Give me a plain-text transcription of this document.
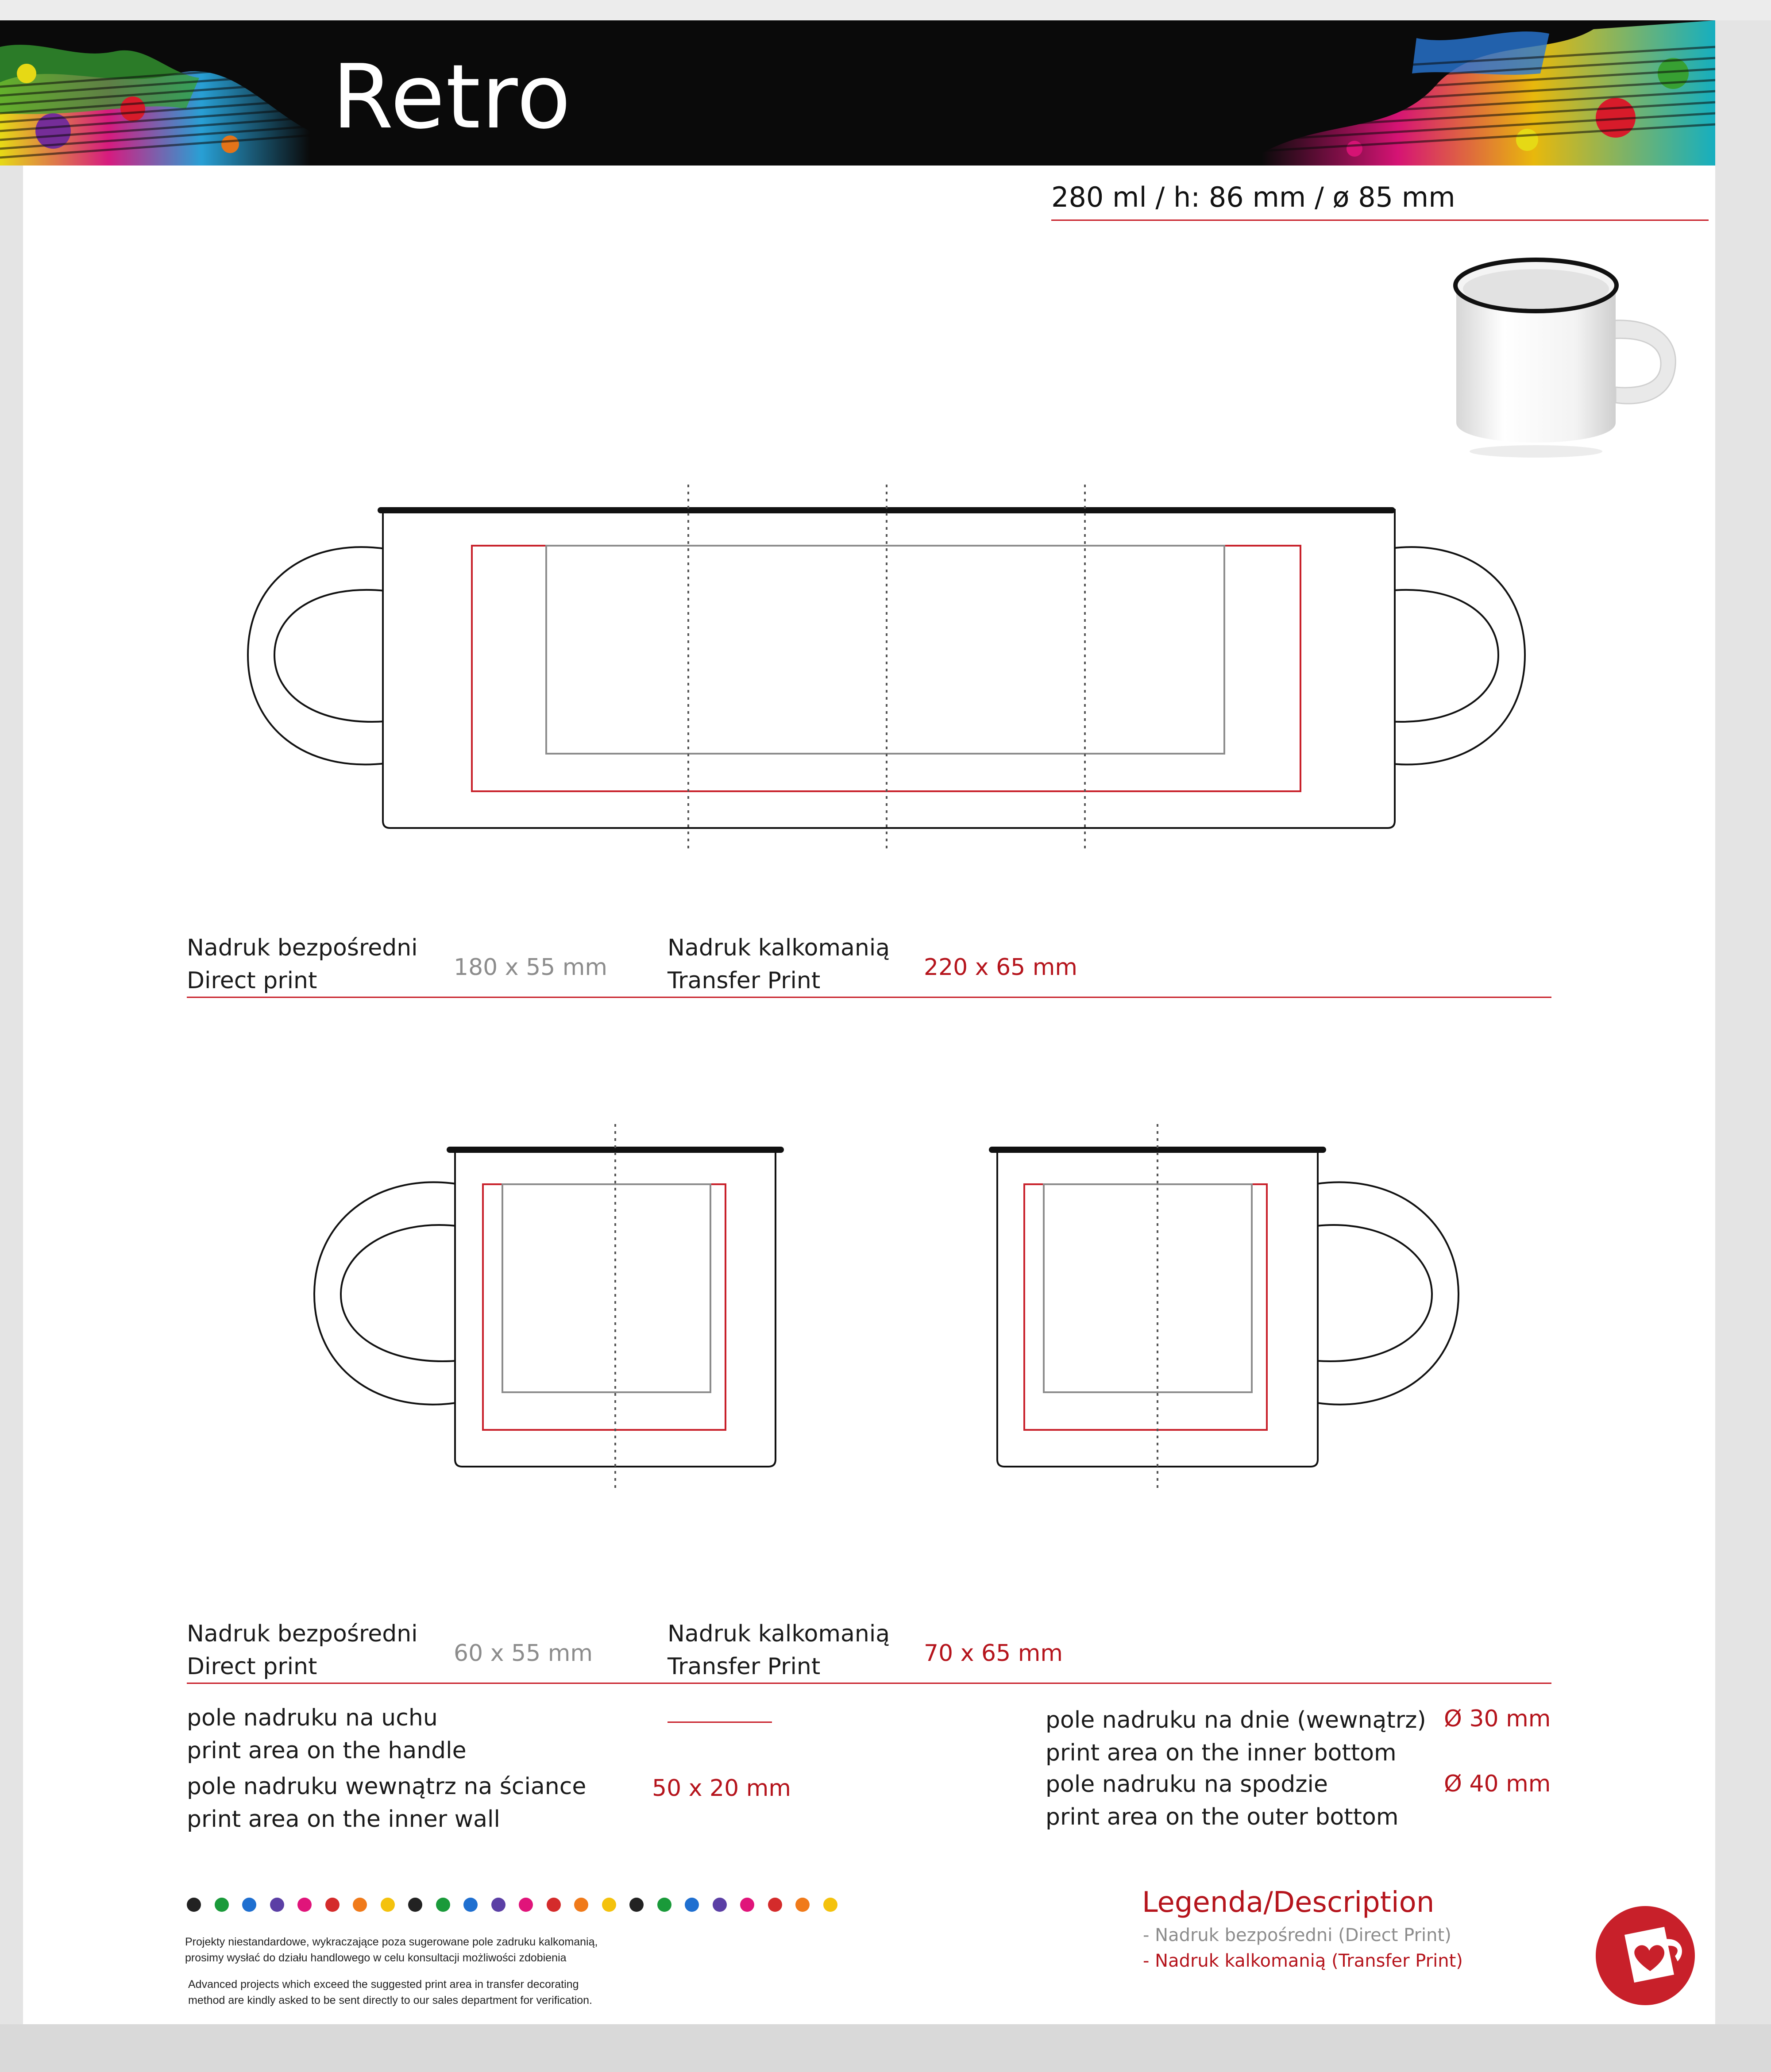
Retro
280 ml / h: 86 mm / ø 85 mm
Nadruk bezpośredni
Direct print	180 x 55 mm
Nadruk kalkomanią
Transfer Print	220 x 65 mm
Nadruk bezpośredni
Direct print	60 x 55 mm
Nadruk kalkomanią
Transfer Print	70 x 65 mm
pole nadruku na uchu
print area on the handle
pole nadruku wewnątrz na ściance
print area on the inner wall
50 x 20 mm
pole nadruku na dnie (wewnątrz)
print area on the inner bottom
Ø 30 mm
pole nadruku na spodzie
print area on the outer bottom
Ø 40 mm
Projekty niestandardowe, wykraczające poza sugerowane pole zadruku kalkomanią,
prosimy wysłać do działu handlowego w celu konsultacji możliwości zdobienia
Advanced projects which exceed the suggested print area in transfer decorating
method are kindly asked to be sent directly to our sales department for verification.
Legenda/Description
- Nadruk bezpośredni (Direct Print)
- Nadruk kalkomanią (Transfer Print)
